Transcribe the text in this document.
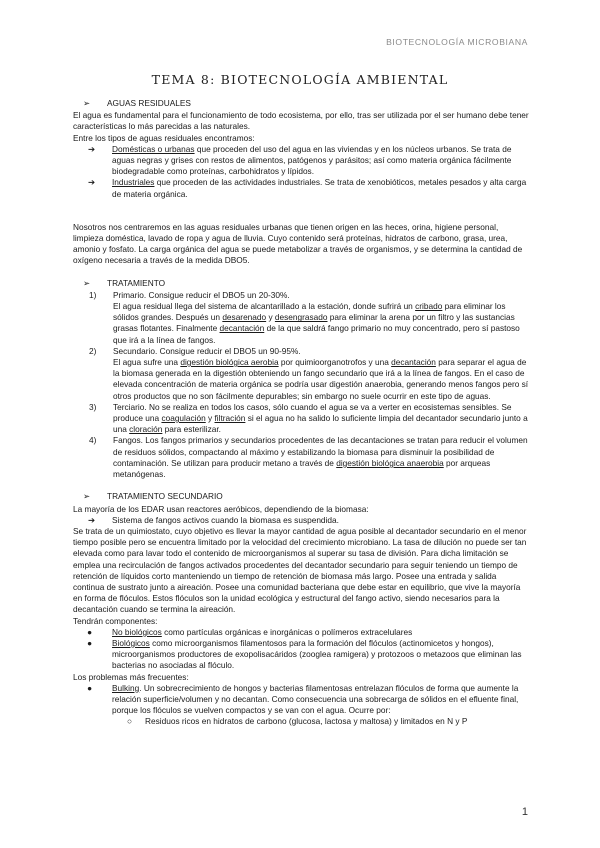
BIOTECNOLOGÍA MICROBIANA
TEMA 8: BIOTECNOLOGÍA AMBIENTAL
➢	AGUAS RESIDUALES

El agua es fundamental para el funcionamiento de todo ecosistema, por ello, tras ser utilizada por el ser humano debe tener características lo más parecidas a las naturales.

Entre los tipos de aguas residuales encontramos:

➔	Domésticas o urbanas que proceden del uso del agua en las viviendas y en los núcleos urbanos. Se trata de aguas negras y grises con restos de alimentos, patógenos y parásitos; así como materia orgánica fácilmente biodegradable como proteínas, carbohidratos y lípidos.
➔	Industriales que proceden de las actividades industriales. Se trata de xenobióticos, metales pesados y alta carga de materia orgánica.

Nosotros nos centraremos en las aguas residuales urbanas que tienen origen en las heces, orina, higiene personal, limpieza doméstica, lavado de ropa y agua de lluvia. Cuyo contenido será proteínas, hidratos de carbono, grasa, urea, amonio y fosfato. La carga orgánica del agua se puede metabolizar a través de organismos, y se determina la cantidad de oxígeno necesaria a través de la medida DBO5.

➢	TRATAMIENTO
1)	Primario. Consigue reducir el DBO5 un 20-30%.
El agua residual llega del sistema de alcantarillado a la estación, donde sufrirá un cribado para eliminar los sólidos grandes. Después un desarenado y desengrasado para eliminar la arena por un filtro y las sustancias grasas flotantes. Finalmente decantación de la que saldrá fango primario no muy concentrado, pero sí pastoso que irá a la línea de fangos.
2)	Secundario. Consigue reducir el DBO5 un 90-95%.
El agua sufre una digestión biológica aerobia por quimioorganotrofos y una decantación para separar el agua de la biomasa generada en la digestión obteniendo un fango secundario que irá a la línea de fangos. En el caso de elevada concentración de materia orgánica se podría usar digestión anaerobia, generando menos fangos pero sí otros productos que no son fácilmente depurables; sin embargo no suele ocurrir en este tipo de aguas.
3)	Terciario. No se realiza en todos los casos, sólo cuando el agua se va a verter en ecosistemas sensibles. Se produce una coagulación y filtración si el agua no ha salido lo suficiente limpia del decantador secundario junto a una cloración para esterilizar.
4)	Fangos. Los fangos primarios y secundarios procedentes de las decantaciones se tratan para reducir el volumen de residuos sólidos, compactando al máximo y estabilizando la biomasa para disminuir la posibilidad de contaminación. Se utilizan para producir metano a través de digestión biológica anaerobia por arqueas metanógenas.
➢	TRATAMIENTO SECUNDARIO

La mayoría de los EDAR usan reactores aeróbicos, dependiendo de la biomasa:

➔	Sistema de fangos activos cuando la biomasa es suspendida.

Se trata de un quimiostato, cuyo objetivo es llevar la mayor cantidad de agua posible al decantador secundario en el menor tiempo posible pero se encuentra limitado por la velocidad del crecimiento microbiano. La tasa de dilución no puede ser tan elevada como para lavar todo el contenido de microorganismos al superar su tasa de división. Para dicha limitación se emplea una recirculación de fangos activados procedentes del decantador secundario para seguir teniendo un tiempo de retención de líquidos corto manteniendo un tiempo de retención de biomasa más largo. Posee una entrada y salida continua de sustrato junto a aireación. Posee una comunidad bacteriana que debe estar en equilibrio, que vive la mayoría en forma de flóculos. Estos flóculos son la unidad ecológica y estructural del fango activo, siendo necesarios para la decantación cuando se termina la aireación.

Tendrán componentes:

●	No biológicos como partículas orgánicas e inorgánicas o polímeros extracelulares
●	Biológicos como microorganismos filamentosos para la formación del flóculos (actinomicetos y hongos), microorganismos productores de exopolisacáridos (zooglea ramigera) y protozoos o metazoos que eliminan las bacterias no asociadas al flóculo.

Los problemas más frecuentes:

●	Bulking. Un sobrecrecimiento de hongos y bacterias filamentosas entrelazan flóculos de forma que aumente la relación superficie/volumen y no decantan. Como consecuencia una sobrecarga de sólidos en el efluente final, porque los flóculos se vuelven compactos y se van con el agua. Ocurre por:
○	Residuos ricos en hidratos de carbono (glucosa, lactosa y maltosa) y limitados en N y P
1
